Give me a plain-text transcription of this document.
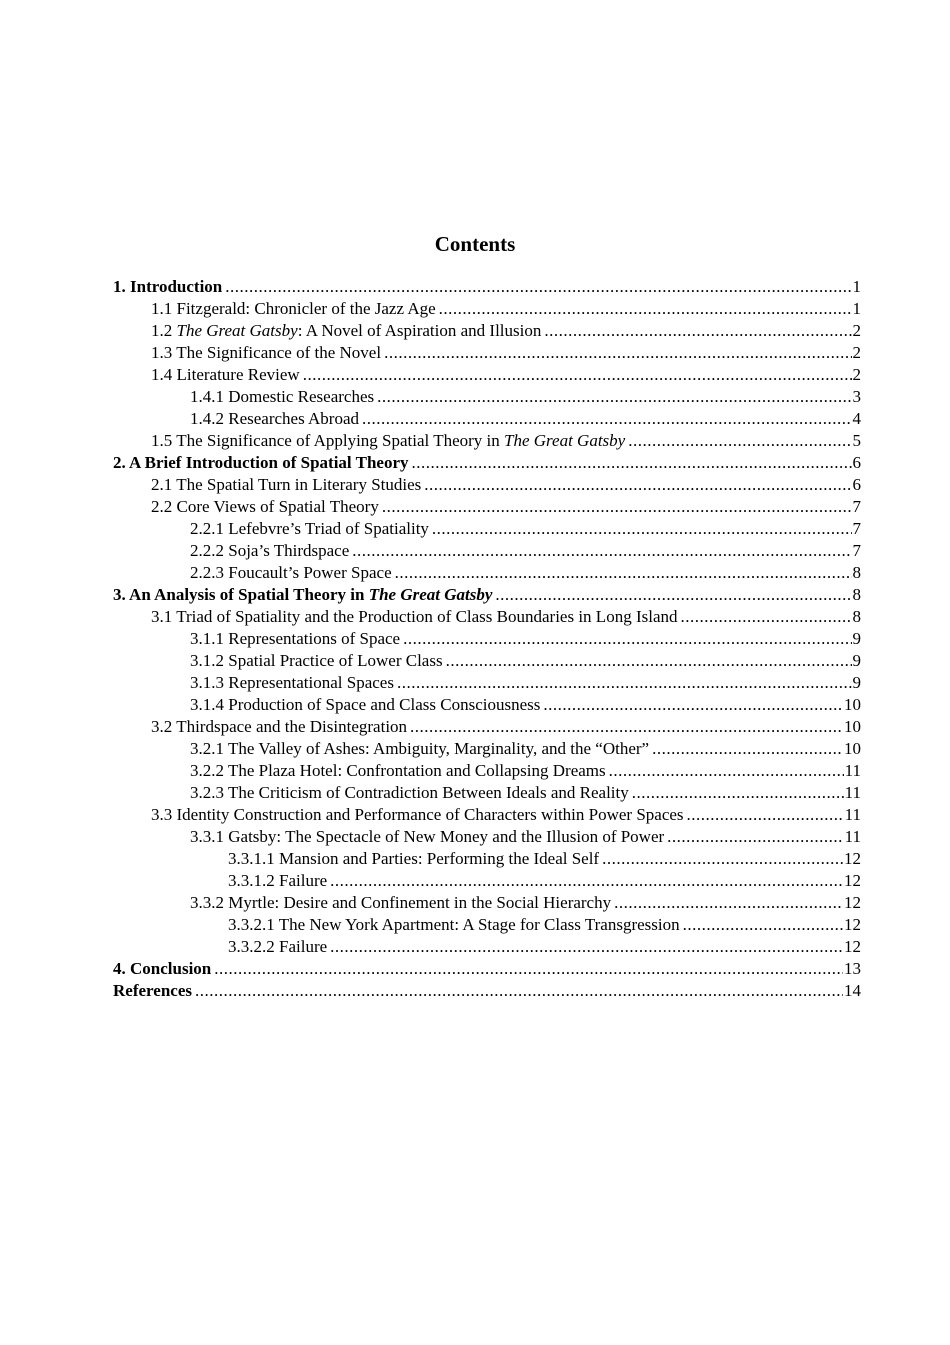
Contents
1. Introduction .....	1
1.1 Fitzgerald: Chronicler of the Jazz Age .....	1
1.2 The Great Gatsby: A Novel of Aspiration and Illusion .....	2
1.3 The Significance of the Novel .....	2
1.4 Literature Review .....	2
1.4.1 Domestic Researches .....	3
1.4.2 Researches Abroad .....	4
1.5 The Significance of Applying Spatial Theory in The Great Gatsby .....	5
2. A Brief Introduction of Spatial Theory .....	6
2.1 The Spatial Turn in Literary Studies .....	6
2.2 Core Views of Spatial Theory .....	7
2.2.1 Lefebvre’s Triad of Spatiality .....	7
2.2.2 Soja’s Thirdspace .....	7
2.2.3 Foucault’s Power Space .....	8
3. An Analysis of Spatial Theory in The Great Gatsby .....	8
3.1 Triad of Spatiality and the Production of Class Boundaries in Long Island .....	8
3.1.1 Representations of Space .....	9
3.1.2 Spatial Practice of Lower Class .....	9
3.1.3 Representational Spaces .....	9
3.1.4 Production of Space and Class Consciousness .....	10
3.2 Thirdspace and the Disintegration .....	10
3.2.1 The Valley of Ashes: Ambiguity, Marginality, and the “Other” .....	10
3.2.2 The Plaza Hotel: Confrontation and Collapsing Dreams .....	11
3.2.3 The Criticism of Contradiction Between Ideals and Reality .....	11
3.3 Identity Construction and Performance of Characters within Power Spaces .....	11
3.3.1 Gatsby: The Spectacle of New Money and the Illusion of Power .....	11
3.3.1.1 Mansion and Parties: Performing the Ideal Self .....	12
3.3.1.2 Failure .....	12
3.3.2 Myrtle: Desire and Confinement in the Social Hierarchy .....	12
3.3.2.1 The New York Apartment: A Stage for Class Transgression .....	12
3.3.2.2 Failure .....	12
4. Conclusion .....	13
References .....	14
